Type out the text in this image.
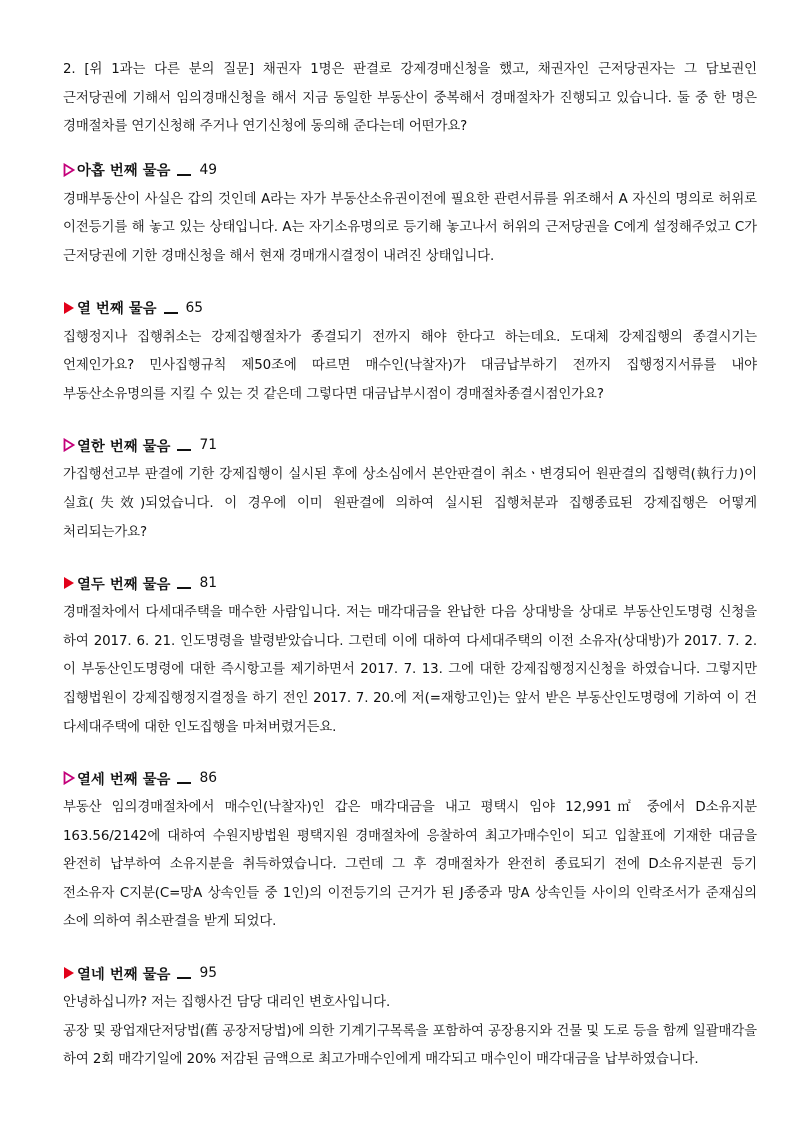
2. [위 1과는 다른 분의 질문] 채권자 1명은 판결로 강제경매신청을 했고, 채권자인 근저당권자는 그 담보권인 근저당권에 기해서 임의경매신청을 해서 지금 동일한 부동산이 중복해서 경매절차가 진행되고 있습니다. 둘 중 한 명은 경매절차를 연기신청해 주거나 연기신청에 동의해 준다는데 어떤가요?

아홉 번째 물음 49

경매부동산이 사실은 갑의 것인데 A라는 자가 부동산소유권이전에 필요한 관련서류를 위조해서 A 자신의 명의로 허위로 이전등기를 해 놓고 있는 상태입니다. A는 자기소유명의로 등기해 놓고나서 허위의 근저당권을 C에게 설정해주었고 C가 근저당권에 기한 경매신청을 해서 현재 경매개시결정이 내려진 상태입니다.

열 번째 물음 65

집행정지나 집행취소는 강제집행절차가 종결되기 전까지 해야 한다고 하는데요. 도대체 강제집행의 종결시기는 언제인가요? 민사집행규칙 제50조에 따르면 매수인(낙찰자)가 대금납부하기 전까지 집행정지서류를 내야 부동산소유명의를 지킬 수 있는 것 같은데 그렇다면 대금납부시점이 경매절차종결시점인가요?

열한 번째 물음 71

가집행선고부 판결에 기한 강제집행이 실시된 후에 상소심에서 본안판결이 취소ㆍ변경되어 원판결의 집행력(執行力)이 실효(失效)되었습니다. 이 경우에 이미 원판결에 의하여 실시된 집행처분과 집행종료된 강제집행은 어떻게 처리되는가요?

열두 번째 물음 81

경매절차에서 다세대주택을 매수한 사람입니다. 저는 매각대금을 완납한 다음 상대방을 상대로 부동산인도명령 신청을 하여 2017. 6. 21. 인도명령을 발령받았습니다. 그런데 이에 대하여 다세대주택의 이전 소유자(상대방)가 2017. 7. 2. 이 부동산인도명령에 대한 즉시항고를 제기하면서 2017. 7. 13. 그에 대한 강제집행정지신청을 하였습니다. 그렇지만 집행법원이 강제집행정지결정을 하기 전인 2017. 7. 20.에 저(=재항고인)는 앞서 받은 부동산인도명령에 기하여 이 건 다세대주택에 대한 인도집행을 마쳐버렸거든요.

열세 번째 물음 86

부동산 임의경매절차에서 매수인(낙찰자)인 갑은 매각대금을 내고 평택시 임야 12,991㎡ 중에서 D소유지분 163.56/2142에 대하여 수원지방법원 평택지원 경매절차에 응찰하여 최고가매수인이 되고 입찰표에 기재한 대금을 완전히 납부하여 소유지분을 취득하였습니다. 그런데 그 후 경매절차가 완전히 종료되기 전에 D소유지분권 등기 전소유자 C지분(C=망A 상속인들 중 1인)의 이전등기의 근거가 된 J종중과 망A 상속인들 사이의 인락조서가 준재심의 소에 의하여 취소판결을 받게 되었다.

열네 번째 물음 95

안녕하십니까? 저는 집행사건 담당 대리인 변호사입니다.

공장 및 광업재단저당법(舊 공장저당법)에 의한 기계기구목록을 포함하여 공장용지와 건물 및 도로 등을 함께 일괄매각을 하여 2회 매각기일에 20% 저감된 금액으로 최고가매수인에게 매각되고 매수인이 매각대금을 납부하였습니다.
